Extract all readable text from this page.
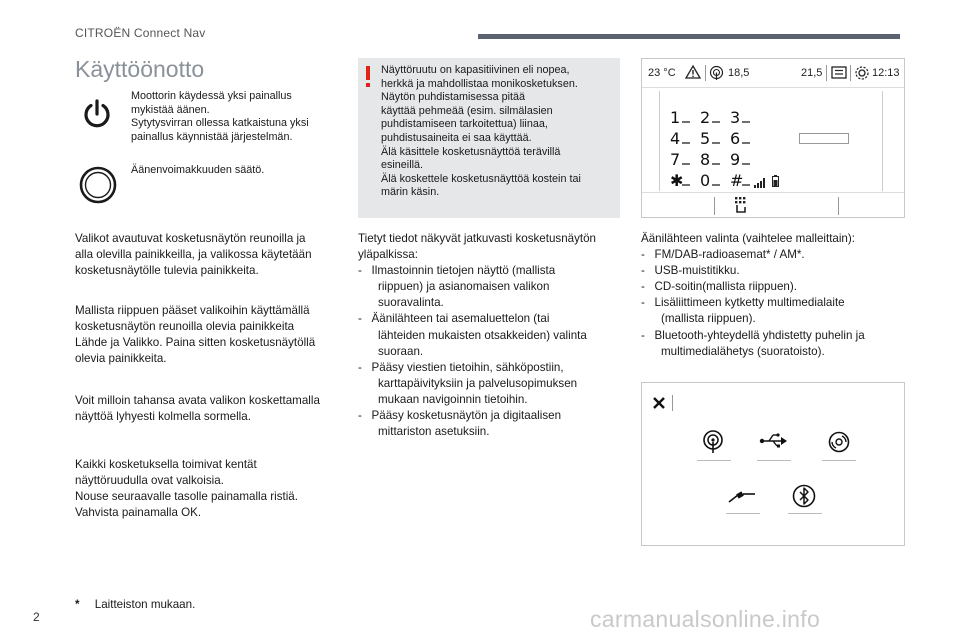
CITROËN Connect Nav
Käyttöönotto
Moottorin käydessä yksi painallus
mykistää äänen.
Sytytysvirran ollessa katkaistuna yksi
painallus käynnistää järjestelmän.
Äänenvoimakkuuden säätö.
Valikot avautuvat kosketusnäytön reunoilla ja
alla olevilla painikkeilla, ja valikossa käytetään
kosketusnäytölle tulevia painikkeita.
Mallista riippuen pääset valikoihin käyttämällä
kosketusnäytön reunoilla olevia painikkeita
Lähde ja Valikko. Paina sitten kosketusnäytöllä
olevia painikkeita.
Voit milloin tahansa avata valikon koskettamalla
näyttöä lyhyesti kolmella sormella.
Kaikki kosketuksella toimivat kentät
näyttöruudulla ovat valkoisia.
Nouse seuraavalle tasolle painamalla ristiä.
Vahvista painamalla OK.
* Laitteiston mukaan.
Näyttöruutu on kapasitiivinen eli nopea,
herkkä ja mahdollistaa monikosketuksen.
Näytön puhdistamisessa pitää
käyttää pehmeää (esim. silmälasien
puhdistamiseen tarkoitettua) liinaa,
puhdistusaineita ei saa käyttää.
Älä käsittele kosketusnäyttöä terävillä
esineillä.
Älä koskettele kosketusnäyttöä kostein tai
märin käsin.
Tietyt tiedot näkyvät jatkuvasti kosketusnäytön
yläpalkissa:
-   Ilmastoinnin tietojen näyttö (mallista
riippuen) ja asianomaisen valikon
suoravalinta.
-   Äänilähteen tai asemaluettelon (tai
lähteiden mukaisten otsakkeiden) valinta
suoraan.
-   Pääsy viestien tietoihin, sähköpostiin,
karttapäivityksiin ja palvelusopimuksen
mukaan navigoinnin tietoihin.
-   Pääsy kosketusnäytön ja digitaalisen
mittariston asetuksiin.
23 °C	18,5	21,5	12:13
1 2 3
4 5 6
7 8 9
✱ 0 #
Äänilähteen valinta (vaihtelee malleittain):
-   FM/DAB-radioasemat* / AM*.
-   USB-muistitikku.
-   CD-soitin(mallista riippuen).
-   Lisäliittimeen kytketty multimedialaite
(mallista riippuen).
-   Bluetooth-yhteydellä yhdistetty puhelin ja
multimedialähetys (suoratoisto).
2	carmanualsonline.info
